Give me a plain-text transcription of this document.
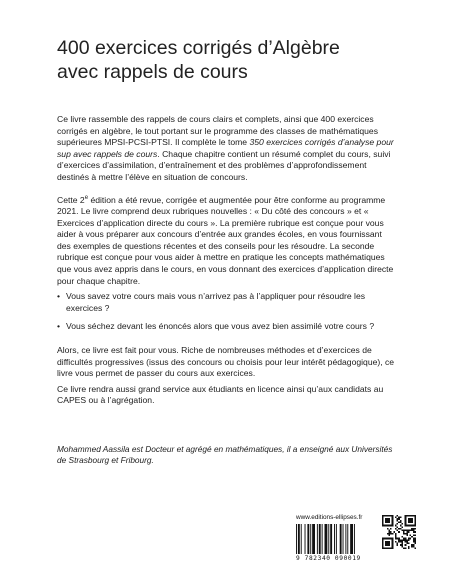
400 exercices corrigés d’Algèbre
avec rappels de cours

Ce livre rassemble des rappels de cours clairs et complets, ainsi que 400 exercices corrigés en algèbre, le tout portant sur le programme des classes de mathématiques supérieures MPSI-PCSI-PTSI. Il complète le tome 350 exercices corrigés d’analyse pour sup avec rappels de cours. Chaque chapitre contient un résumé complet du cours, suivi d’exercices d’assimilation, d’entraînement et des problèmes d’approfondissement destinés à mettre l’élève en situation de concours.

Cette 2e édition a été revue, corrigée et augmentée pour être conforme au programme 2021. Le livre comprend deux rubriques nouvelles : « Du côté des concours » et « Exercices d’application directe du cours ». La première rubrique est conçue pour vous aider à vous préparer aux concours d’entrée aux grandes écoles, en vous fournissant des exemples de questions récentes et des conseils pour les résoudre. La seconde rubrique est conçue pour vous aider à mettre en pratique les concepts mathématiques que vous avez appris dans le cours, en vous donnant des exercices d’application directe pour chaque chapitre.

• Vous savez votre cours mais vous n’arrivez pas à l’appliquer pour résoudre les exercices ?
• Vous séchez devant les énoncés alors que vous avez bien assimilé votre cours ?

Alors, ce livre est fait pour vous. Riche de nombreuses méthodes et d’exercices de difficultés progressives (issus des concours ou choisis pour leur intérêt pédagogique), ce livre vous permet de passer du cours aux exercices.

Ce livre rendra aussi grand service aux étudiants en licence ainsi qu’aux candidats au CAPES ou à l’agrégation.

Mohammed Aassila est Docteur et agrégé en mathématiques, il a enseigné aux Universités de Strasbourg et Fribourg.
www.editions-ellipses.fr
9 782340 090019
